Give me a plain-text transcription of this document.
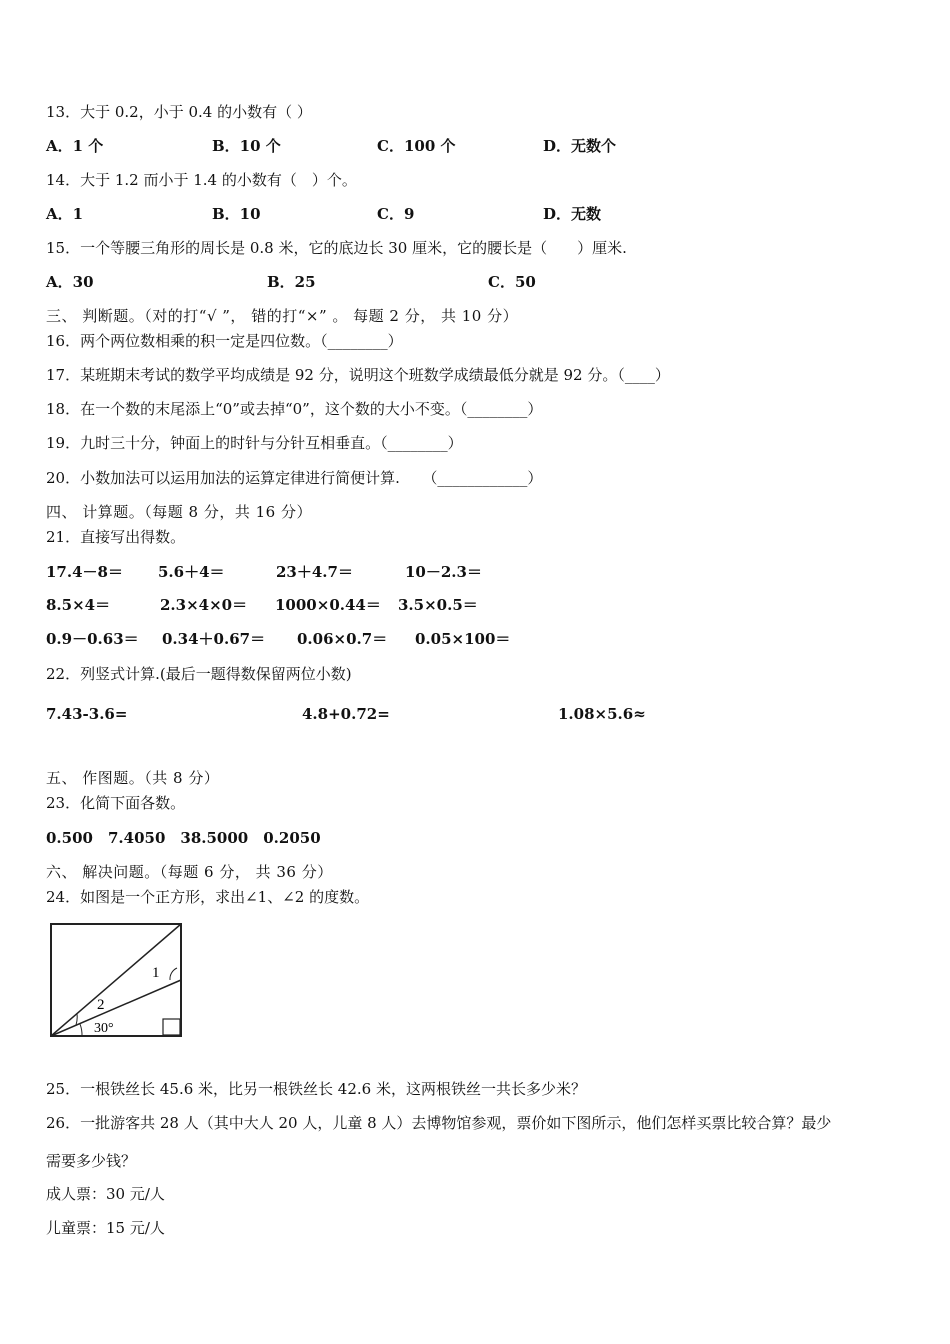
13．大于 0.2，小于 0.4 的小数有（ ）
A．1 个	B．10 个	C．100 个	D．无数个
14．大于 1.2 而小于 1.4 的小数有（　）个。
A．1	B．10	C．9	D．无数
15．一个等腰三角形的周长是 0.8 米，它的底边长 30 厘米，它的腰长是（　　）厘米.
A．30	B．25	C．50
三、 判断题。（对的打“√ ”， 错的打“×” 。 每题 2 分， 共 10 分）
16．两个两位数相乘的积一定是四位数。（________）
17．某班期末考试的数学平均成绩是 92 分，说明这个班数学成绩最低分就是 92 分。（____）
18．在一个数的末尾添上“0”或去掉“0”，这个数的大小不变。（________）
19．九时三十分，钟面上的时针与分针互相垂直。（________）
20．小数加法可以运用加法的运算定律进行简便计算.　　（____________）
四、 计算题。（每题 8 分，共 16 分）
21．直接写出得数。
17.4－8＝ 5.6＋4＝	23＋4.7＝	10－2.3＝
8.5×4＝	2.3×4×0＝ 1000×0.44＝ 3.5×0.5＝
0.9－0.63＝ 0.34＋0.67＝ 0.06×0.7＝ 0.05×100＝
22．列竖式计算.(最后一题得数保留两位小数)
7.43-3.6=	4.8+0.72=	1.08×5.6≈
五、 作图题。（共 8 分）
23．化简下面各数。
0.500　7.4050　38.5000　0.2050
六、 解决问题。（每题 6 分， 共 36 分）
24．如图是一个正方形，求出∠1、∠2 的度数。
1
2
30°
25．一根铁丝长 45.6 米，比另一根铁丝长 42.6 米，这两根铁丝一共长多少米？
26．一批游客共 28 人（其中大人 20 人，儿童 8 人）去博物馆参观，票价如下图所示，他们怎样买票比较合算？最少
需要多少钱？
成人票：30 元/人
儿童票：15 元/人
